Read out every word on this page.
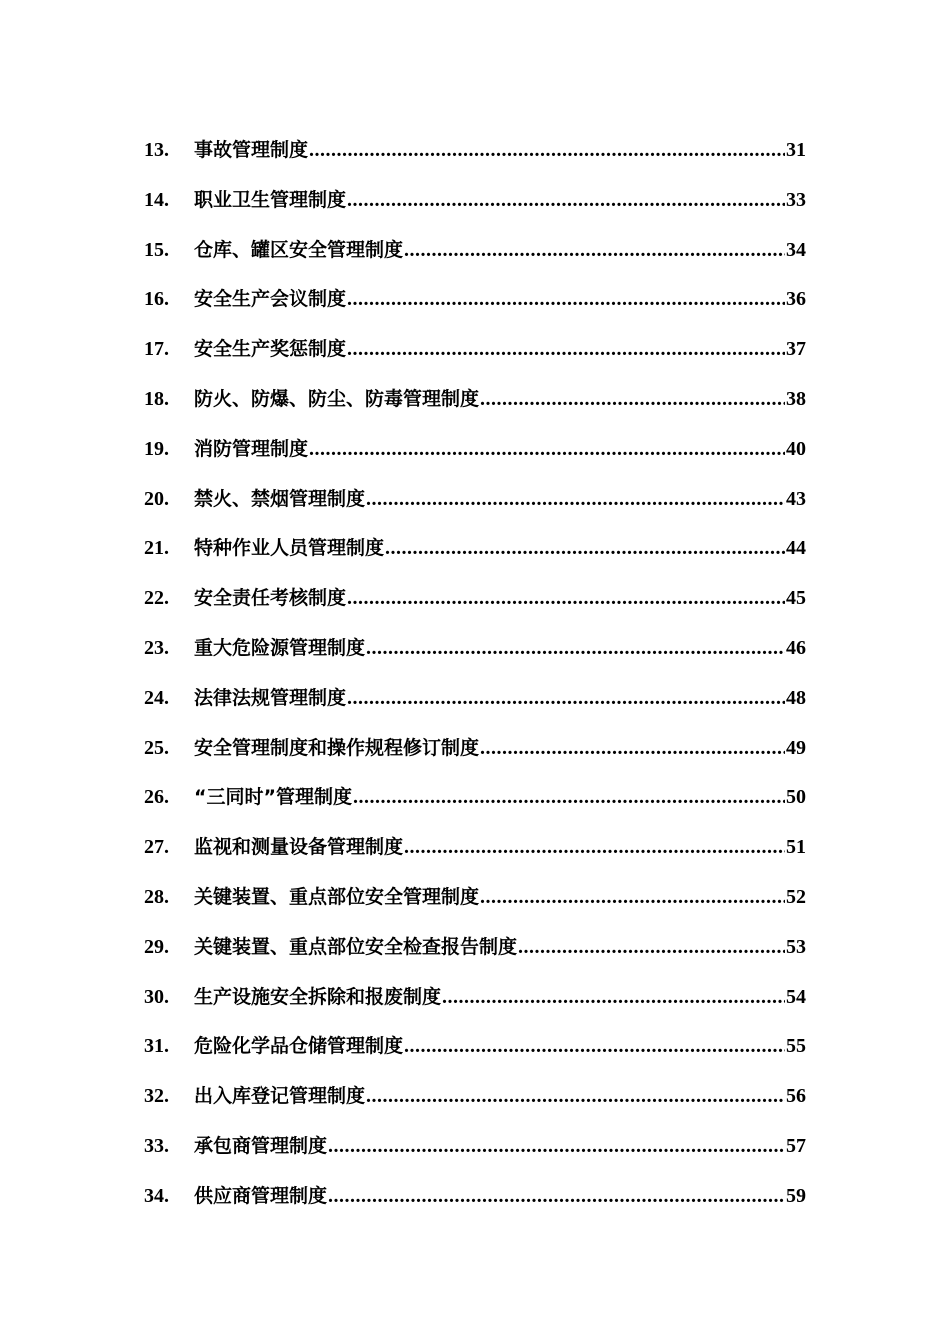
13.	事故管理制度 .....	31
14.	职业卫生管理制度 .....	33
15.	仓库、罐区安全管理制度 .....	34
16.	安全生产会议制度 .....	36
17.	安全生产奖惩制度 .....	37
18.	防火、防爆、防尘、防毒管理制度 .....	38
19.	消防管理制度 .....	40
20.	禁火、禁烟管理制度 .....	43
21.	特种作业人员管理制度 .....	44
22.	安全责任考核制度 .....	45
23.	重大危险源管理制度 .....	46
24.	法律法规管理制度 .....	48
25.	安全管理制度和操作规程修订制度 .....	49
26.	“三同时”管理制度 .....	50
27.	监视和测量设备管理制度 .....	51
28.	关键装置、重点部位安全管理制度 .....	52
29.	关键装置、重点部位安全检查报告制度 .....	53
30.	生产设施安全拆除和报废制度 .....	54
31.	危险化学品仓储管理制度 .....	55
32.	出入库登记管理制度 .....	56
33.	承包商管理制度 .....	57
34.	供应商管理制度 .....	59
